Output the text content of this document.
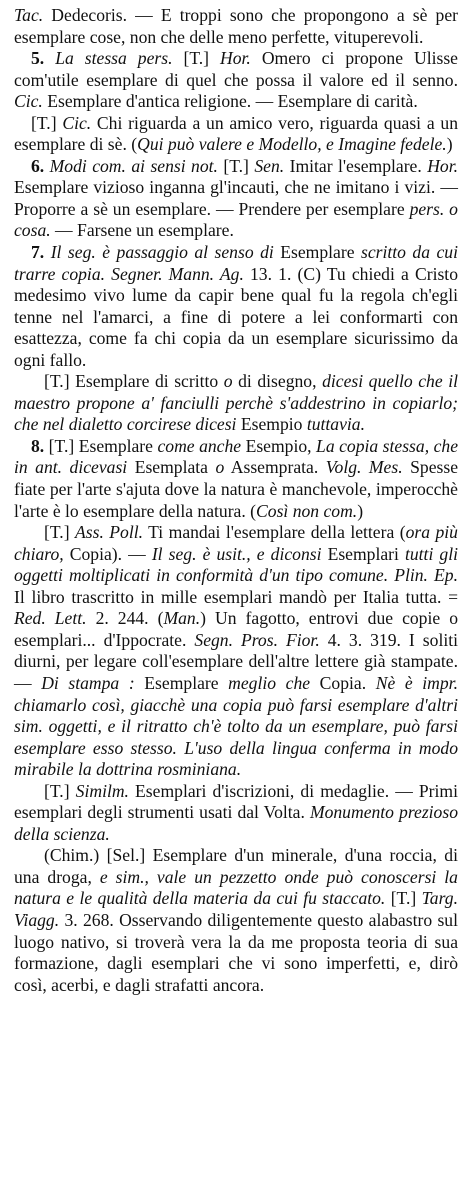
Tac. Dedecoris. — E troppi sono che propongono a sè per esemplare cose, non che delle meno perfette, vituperevoli.

5. La stessa pers. [T.] Hor. Omero ci propone Ulisse com'utile esemplare di quel che possa il valore ed il senno. Cic. Esemplare d'antica religione. — Esemplare di carità.

[T.] Cic. Chi riguarda a un amico vero, riguarda quasi a un esemplare di sè. (Qui può valere e Modello, e Imagine fedele.)

6. Modi com. ai sensi not. [T.] Sen. Imitar l'esemplare. Hor. Esemplare vizioso inganna gl'incauti, che ne imitano i vizi. — Proporre a sè un esemplare. — Prendere per esemplare pers. o cosa. — Farsene un esemplare.

7. Il seg. è passaggio al senso di Esemplare scritto da cui trarre copia. Segner. Mann. Ag. 13. 1. (C) Tu chiedi a Cristo medesimo vivo lume da capir bene qual fu la regola ch'egli tenne nel l'amarci, a fine di potere a lei conformarti con esattezza, come fa chi copia da un esemplare sicurissimo da ogni fallo.

[T.] Esemplare di scritto o di disegno, dicesi quello che il maestro propone a' fanciulli perchè s'addestrino in copiarlo; che nel dialetto corcirese dicesi Esempio tuttavia.

8. [T.] Esemplare come anche Esempio, La copia stessa, che in ant. dicevasi Esemplata o Assemprata. Volg. Mes. Spesse fiate per l'arte s'ajuta dove la natura è manchevole, imperocchè l'arte è lo esemplare della natura. (Così non com.)

[T.] Ass. Poll. Ti mandai l'esemplare della lettera (ora più chiaro, Copia). — Il seg. è usit., e diconsi Esemplari tutti gli oggetti moltiplicati in conformità d'un tipo comune. Plin. Ep. Il libro trascritto in mille esemplari mandò per Italia tutta. = Red. Lett. 2. 244. (Man.) Un fagotto, entrovi due copie o esemplari... d'Ippocrate. Segn. Pros. Fior. 4. 3. 319. I soliti diurni, per legare coll'esemplare dell'altre lettere già stampate. — Di stampa : Esemplare meglio che Copia. Nè è impr. chiamarlo così, giacchè una copia può farsi esemplare d'altri sim. oggetti, e il ritratto ch'è tolto da un esemplare, può farsi esemplare esso stesso. L'uso della lingua conferma in modo mirabile la dottrina rosminiana.

[T.] Similm. Esemplari d'iscrizioni, di medaglie. — Primi esemplari degli strumenti usati dal Volta. Monumento prezioso della scienza.

(Chim.) [Sel.] Esemplare d'un minerale, d'una roccia, di una droga, e sim., vale un pezzetto onde può conoscersi la natura e le qualità della materia da cui fu staccato. [T.] Targ. Viagg. 3. 268. Osservando diligentemente questo alabastro sul luogo nativo, si troverà vera la da me proposta teoria di sua formazione, dagli esemplari che vi sono imperfetti, e, dirò così, acerbi, e dagli strafatti ancora.
